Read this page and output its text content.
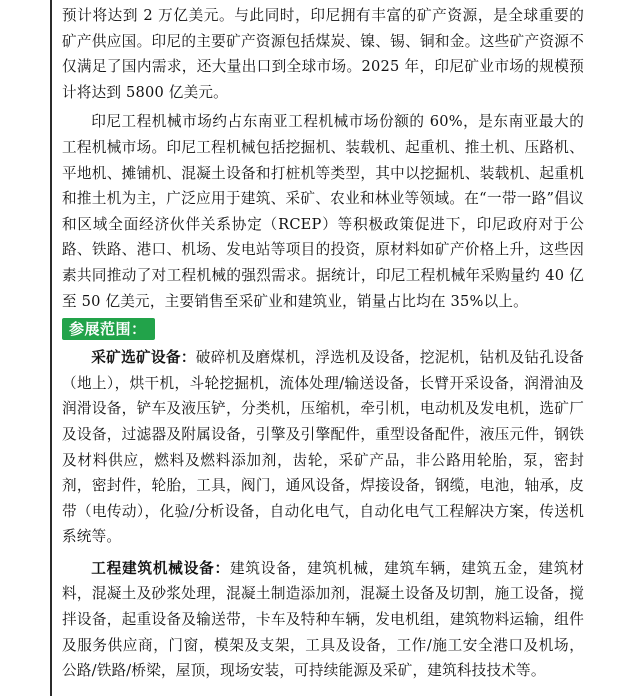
预计将达到 2 万亿美元。与此同时，印尼拥有丰富的矿产资源，是全球重要的矿产供应国。印尼的主要矿产资源包括煤炭、镍、锡、铜和金。这些矿产资源不仅满足了国内需求，还大量出口到全球市场。2025 年，印尼矿业市场的规模预计将达到 5800 亿美元。

印尼工程机械市场约占东南亚工程机械市场份额的 60%，是东南亚最大的工程机械市场。印尼工程机械包括挖掘机、装载机、起重机、推土机、压路机、平地机、摊铺机、混凝土设备和打桩机等类型，其中以挖掘机、装载机、起重机和推土机为主，广泛应用于建筑、采矿、农业和林业等领域。在“一带一路”倡议和区域全面经济伙伴关系协定（RCEP）等积极政策促进下，印尼政府对于公路、铁路、港口、机场、发电站等项目的投资，原材料如矿产价格上升，这些因素共同推动了对工程机械的强烈需求。据统计，印尼工程机械年采购量约 40 亿至 50 亿美元，主要销售至采矿业和建筑业，销量占比均在 35%以上。

参展范围：

采矿选矿设备：破碎机及磨煤机，浮选机及设备，挖泥机，钻机及钻孔设备（地上），烘干机，斗轮挖掘机，流体处理/输送设备，长臂开采设备，润滑油及润滑设备，铲车及液压铲，分类机，压缩机，牵引机，电动机及发电机，选矿厂及设备，过滤器及附属设备，引擎及引擎配件，重型设备配件，液压元件，钢铁及材料供应，燃料及燃料添加剂，齿轮，采矿产品，非公路用轮胎，泵，密封剂，密封件，轮胎，工具，阀门，通风设备，焊接设备，钢缆，电池，轴承，皮带（电传动），化验/分析设备，自动化电气，自动化电气工程解决方案，传送机系统等。

工程建筑机械设备：建筑设备，建筑机械，建筑车辆，建筑五金，建筑材料，混凝土及砂浆处理，混凝土制造添加剂，混凝土设备及切割，施工设备，搅拌设备，起重设备及输送带，卡车及特种车辆，发电机组，建筑物料运输，组件及服务供应商，门窗，模架及支架，工具及设备，工作/施工安全港口及机场，公路/铁路/桥梁，屋顶，现场安装，可持续能源及采矿，建筑科技技术等。
